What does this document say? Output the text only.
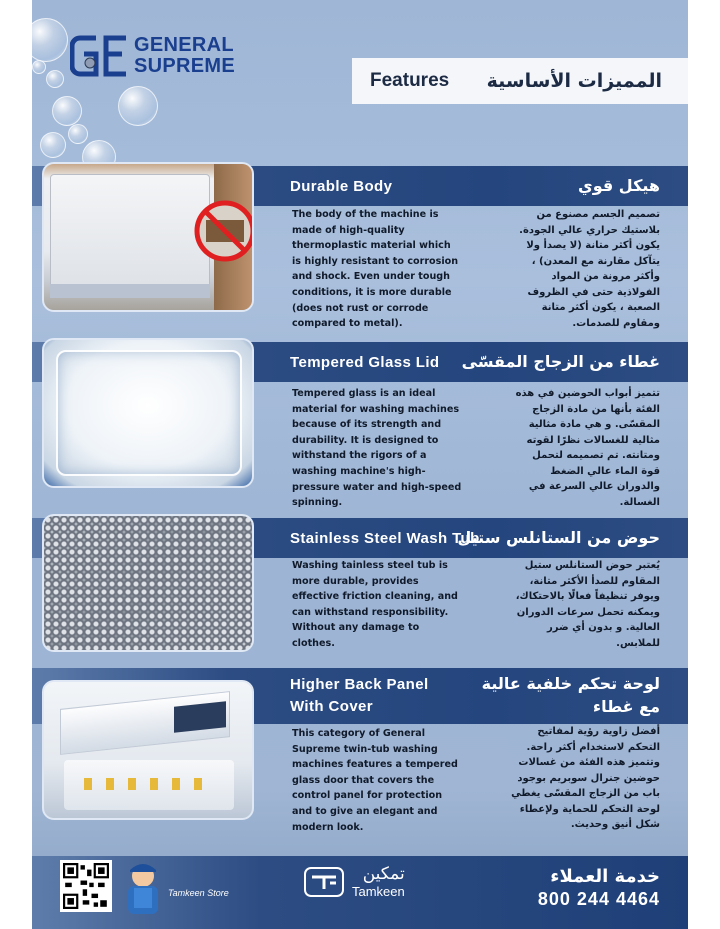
GENERAL
SUPREME
Features المميزات الأساسية
Durable Body	هيكل قوي
The body of the machine is made of high-quality thermoplastic material which is highly resistant to corrosion and shock. Even under tough conditions, it is more durable (does not rust or corrode compared to metal).
تصميم الجسم مصنوع من بلاستيك حراري عالي الجودة. يكون أكثر متانة (لا يصدأ ولا يتآكل مقارنة مع المعدن) ، وأكثر مرونة من المواد الفولاذية حتى في الظروف الصعبة ، يكون أكثر متانة ومقاوم للصدمات.
Tempered Glass Lid غطاء من الزجاج المقسّى
Tempered glass is an ideal material for washing machines because of its strength and durability. It is designed to withstand the rigors of a washing machine's high-pressure water and high-speed spinning.
تتميز أبواب الحوضين في هذه الفئة بأنها من مادة الزجاج المقسّى. و هي مادة مثالية مثالية للغسالات نظرًا لقوته ومتانته. تم تصميمه لتحمل قوة الماء عالي الضغط والدوران عالي السرعة في الغسالة.
Stainless Steel Wash Tub
حوض من الستانلس ستيل
Washing tainless steel tub is more durable, provides effective friction cleaning, and can withstand responsibility. Without any damage to clothes.
يُعتبر حوض الستانلس ستيل المقاوم للصدأ الأكثر متانة، ويوفر تنظيفاً فعالًا بالاحتكاك، ويمكنه تحمل سرعات الدوران العالية. و بدون أي ضرر للملابس.
Higher Back Panel
With Cover
لوحة تحكم خلفية عالية
مع غطاء
This category of General Supreme twin-tub washing machines features a tempered glass door that covers the control panel for protection and to give an elegant and modern look.
أفضل زاوية رؤية لمفاتيح التحكم لاستخدام أكثر راحة. وتتميز هذه الفئة من غسالات حوضين جنرال سوبريم بوجود باب من الزجاج المقسّى يغطي لوحة التحكم للحماية ولإعطاء شكل أنيق وحديث.
Tamkeen Store
تمكين
Tamkeen
خدمة العملاء
800 244 4464
